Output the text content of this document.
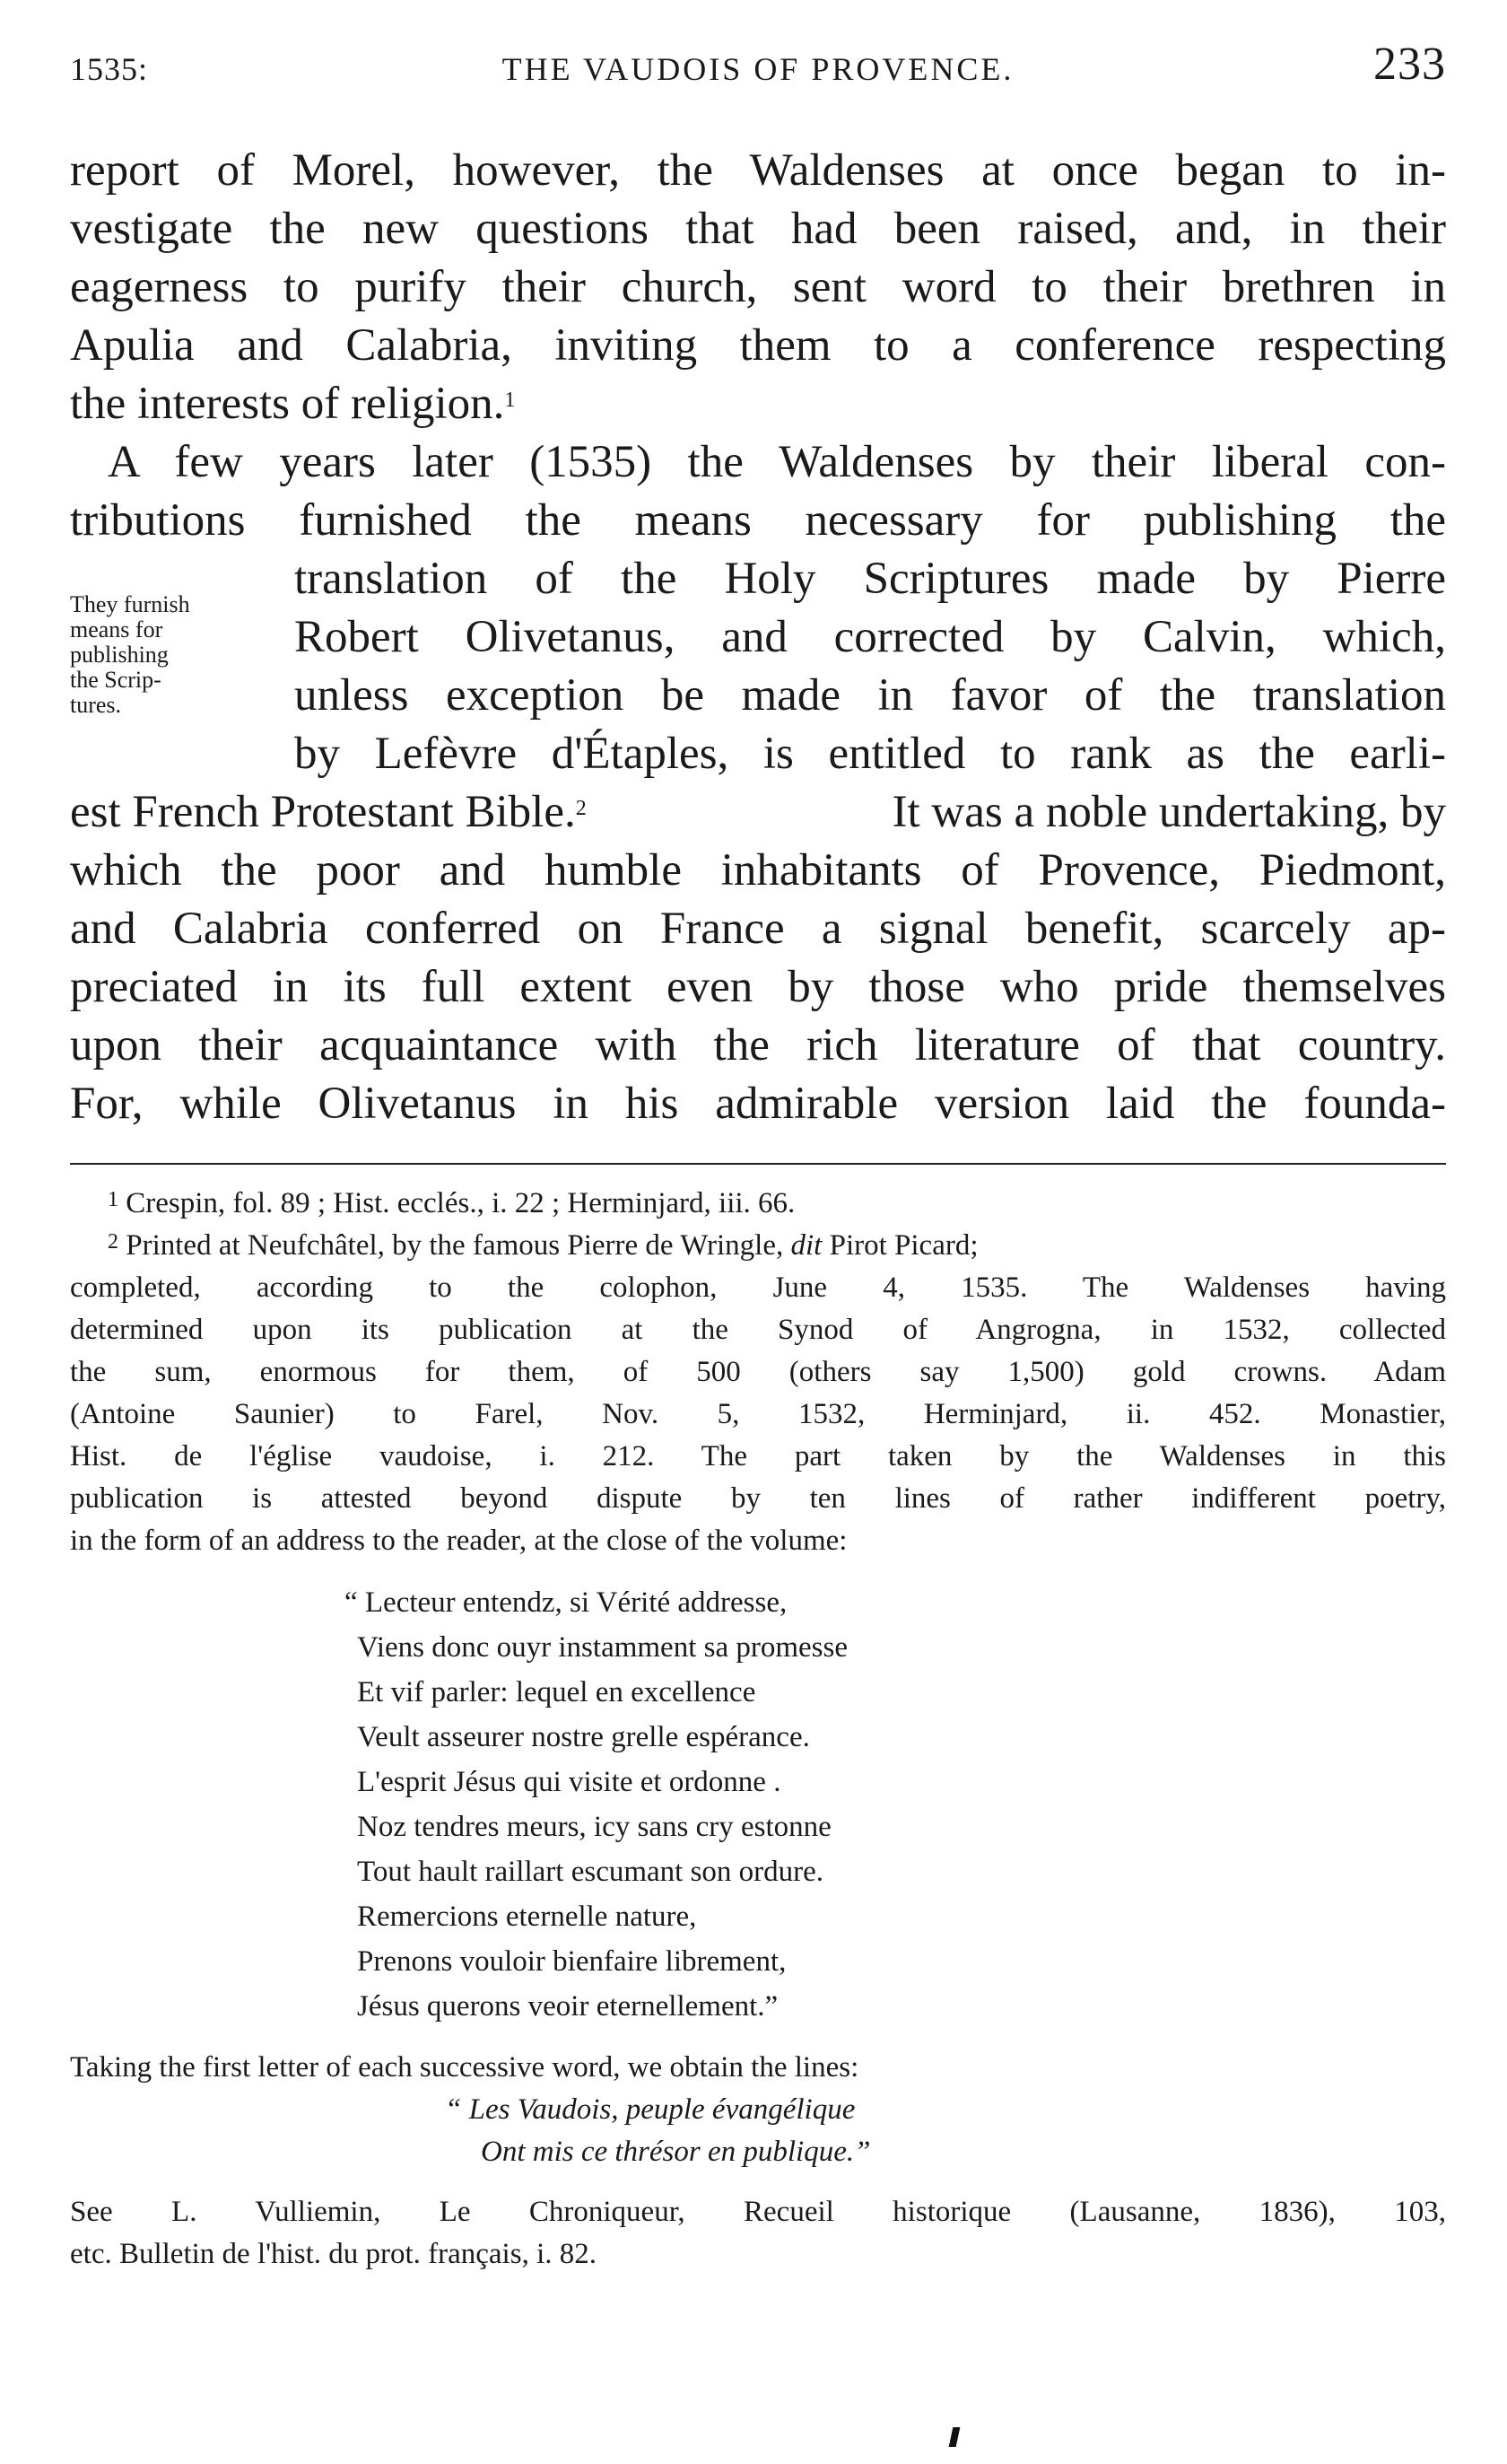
1535:	THE VAUDOIS OF PROVENCE.	233
report of Morel, however, the Waldenses at once began to in-
vestigate the new questions that had been raised, and, in their
eagerness to purify their church, sent word to their brethren in
Apulia and Calabria, inviting them to a conference respecting
the interests of religion.$^1$
A few years later (1535) the Waldenses by their liberal con-
tributions furnished the means necessary for publishing the
translation of the Holy Scriptures made by Pierre
Robert Olivetanus, and corrected by Calvin, which,
unless exception be made in favor of the translation
by Lefèvre d'Étaples, is entitled to rank as the earli-
est French Protestant Bible.$^2$	It was a noble undertaking, by
which the poor and humble inhabitants of Provence, Piedmont,
and Calabria conferred on France a signal benefit, scarcely ap-
preciated in its full extent even by those who pride themselves
upon their acquaintance with the rich literature of that country.
For, while Olivetanus in his admirable version laid the founda-
They furnish
means for
publishing
the Scrip-
tures.
$^1$ Crespin, fol. 89 ; Hist. ecclés., i. 22 ; Herminjard, iii. 66.
$^2$ Printed at Neufchâtel, by the famous Pierre de Wringle, dit Pirot Picard;
completed, according to the colophon, June 4, 1535. The Waldenses having
determined upon its publication at the Synod of Angrogna, in 1532, collected
the sum, enormous for them, of 500 (others say 1,500) gold crowns. Adam
(Antoine Saunier) to Farel, Nov. 5, 1532, Herminjard, ii. 452. Monastier,
Hist. de l'église vaudoise, i. 212. The part taken by the Waldenses in this
publication is attested beyond dispute by ten lines of rather indifferent poetry,
in the form of an address to the reader, at the close of the volume:
“ Lecteur entendz, si Vérité addresse,
Viens donc ouyr instamment sa promesse
Et vif parler: lequel en excellence
Veult asseurer nostre grelle espérance.
L'esprit Jésus qui visite et ordonne .
Noz tendres meurs, icy sans cry estonne
Tout hault raillart escumant son ordure.
Remercions eternelle nature,
Prenons vouloir bienfaire librement,
Jésus querons veoir eternellement.”
Taking the first letter of each successive word, we obtain the lines:
“ Les Vaudois, peuple évangélique
Ont mis ce thrésor en publique.”
See L. Vulliemin, Le Chroniqueur, Recueil historique (Lausanne, 1836), 103,
etc. Bulletin de l'hist. du prot. français, i. 82.
